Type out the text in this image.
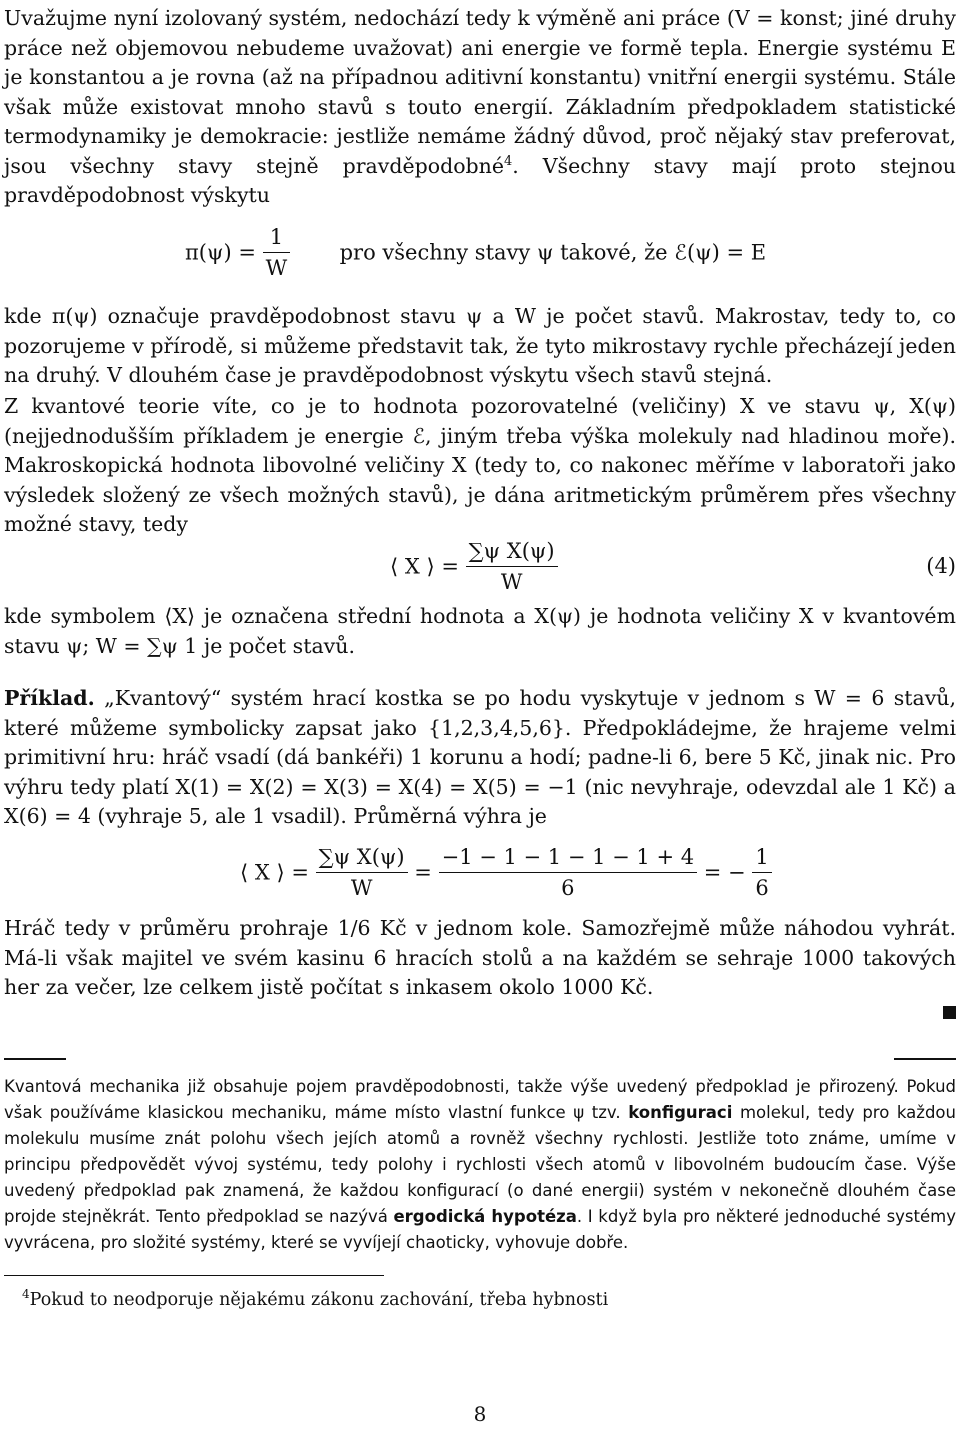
Uvažujme nyní izolovaný systém, nedochází tedy k výměně ani práce (V = konst; jiné druhy práce než objemovou nebudeme uvažovat) ani energie ve formě tepla. Energie systému E je konstantou a je rovna (až na případnou aditivní konstantu) vnitřní energii systému. Stále však může existovat mnoho stavů s touto energií. Základním předpokladem statistické termodynamiky je demokracie: jestliže nemáme žádný důvod, proč nějaký stav preferovat, jsou všechny stavy stejně pravděpodobné$^4$. Všechny stavy mají proto stejnou pravděpodobnost výskytu

$\pi(\psi) = \frac{1}{W}$ pro všechny stavy ψ takové, že ℰ(ψ) = E

kde π(ψ) označuje pravděpodobnost stavu ψ a W je počet stavů. Makrostav, tedy to, co pozorujeme v přírodě, si můžeme představit tak, že tyto mikrostavy rychle přecházejí jeden na druhý. V dlouhém čase je pravděpodobnost výskytu všech stavů stejná.

Z kvantové teorie víte, co je to hodnota pozorovatelné (veličiny) X ve stavu ψ, X(ψ) (nejjednodušším příkladem je energie ℰ, jiným třeba výška molekuly nad hladinou moře). Makroskopická hodnota libovolné veličiny X (tedy to, co nakonec měříme v laboratoři jako výsledek složený ze všech možných stavů), je dána aritmetickým průměrem přes všechny možné stavy, tedy

⟨ X ⟩ = $\frac{\text{∑ψ X(ψ)}}{W}$	(4)

kde symbolem ⟨X⟩ je označena střední hodnota a X(ψ) je hodnota veličiny X v kvantovém stavu ψ; W = ∑ψ 1 je počet stavů.

Příklad. „Kvantový“ systém hrací kostka se po hodu vyskytuje v jednom s W = 6 stavů, které můžeme symbolicky zapsat jako {1,2,3,4,5,6}. Předpokládejme, že hrajeme velmi primitivní hru: hráč vsadí (dá bankéři) 1 korunu a hodí; padne-li 6, bere 5 Kč, jinak nic. Pro výhru tedy platí X(1) = X(2) = X(3) = X(4) = X(5) = −1 (nic nevyhraje, odevzdal ale 1 Kč) a X(6) = 4 (vyhraje 5, ale 1 vsadil). Průměrná výhra je

⟨ X ⟩ = $\frac{\text{∑ψ X(ψ)}}{W} = \frac{-1 - 1 - 1 - 1 - 1 + 4}{6}$ = − $\frac{1}{6}$

Hráč tedy v průměru prohraje 1/6 Kč v jednom kole. Samozřejmě může náhodou vyhrát. Má-li však majitel ve svém kasinu 6 hracích stolů a na každém se sehraje 1000 takových her za večer, lze celkem jistě počítat s inkasem okolo 1000 Kč.

Kvantová mechanika již obsahuje pojem pravděpodobnosti, takže výše uvedený předpoklad je přirozený. Pokud však používáme klasickou mechaniku, máme místo vlastní funkce ψ tzv. konfiguraci molekul, tedy pro každou molekulu musíme znát polohu všech jejích atomů a rovněž všechny rychlosti. Jestliže toto známe, umíme v principu předpovědět vývoj systému, tedy polohy i rychlosti všech atomů v libovolném budoucím čase. Výše uvedený předpoklad pak znamená, že každou konfigurací (o dané energii) systém v nekonečně dlouhém čase projde stejněkrát. Tento předpoklad se nazývá ergodická hypotéza. I když byla pro některé jednoduché systémy vyvrácena, pro složité systémy, které se vyvíjejí chaoticky, vyhovuje dobře.

$^4$Pokud to neodporuje nějakému zákonu zachování, třeba hybnosti
8
